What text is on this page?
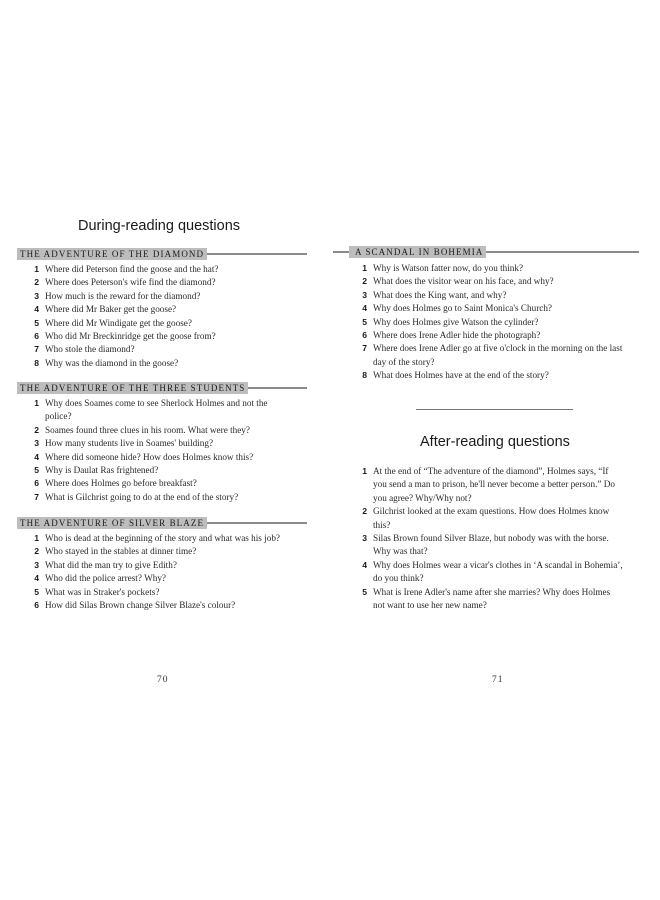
During-reading questions
THE ADVENTURE OF THE DIAMOND
1 Where did Peterson find the goose and the hat?
2 Where does Peterson's wife find the diamond?
3 How much is the reward for the diamond?
4 Where did Mr Baker get the goose?
5 Where did Mr Windigate get the goose?
6 Who did Mr Breckinridge get the goose from?
7 Who stole the diamond?
8 Why was the diamond in the goose?
THE ADVENTURE OF THE THREE STUDENTS
1 Why does Soames come to see Sherlock Holmes and not the police?
2 Soames found three clues in his room. What were they?
3 How many students live in Soames' building?
4 Where did someone hide? How does Holmes know this?
5 Why is Daulat Ras frightened?
6 Where does Holmes go before breakfast?
7 What is Gilchrist going to do at the end of the story?
THE ADVENTURE OF SILVER BLAZE
1 Who is dead at the beginning of the story and what was his job?
2 Who stayed in the stables at dinner time?
3 What did the man try to give Edith?
4 Who did the police arrest? Why?
5 What was in Straker's pockets?
6 How did Silas Brown change Silver Blaze's colour?
70
A SCANDAL IN BOHEMIA
1 Why is Watson fatter now, do you think?
2 What does the visitor wear on his face, and why?
3 What does the King want, and why?
4 Why does Holmes go to Saint Monica's Church?
5 Why does Holmes give Watson the cylinder?
6 Where does Irene Adler hide the photograph?
7 Where does Irene Adler go at five o'clock in the morning on the last day of the story?
8 What does Holmes have at the end of the story?
After-reading questions
1 At the end of “The adventure of the diamond”, Holmes says, “If you send a man to prison, he'll never become a better person.” Do you agree? Why/Why not?
2 Gilchrist looked at the exam questions. How does Holmes know this?
3 Silas Brown found Silver Blaze, but nobody was with the horse. Why was that?
4 Why does Holmes wear a vicar's clothes in ‘A scandal in Bohemia’, do you think?
5 What is Irene Adler's name after she marries? Why does Holmes not want to use her new name?
71
